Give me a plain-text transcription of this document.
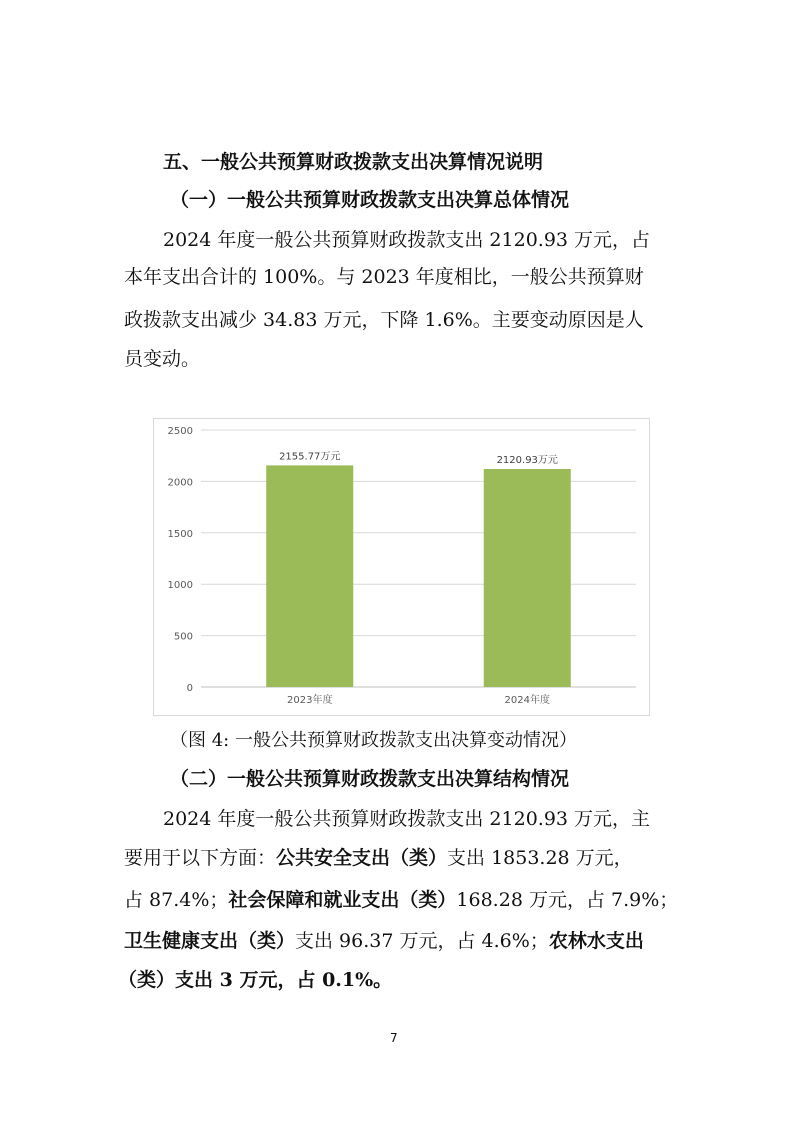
五、一般公共预算财政拨款支出决算情况说明
（一）一般公共预算财政拨款支出决算总体情况
2024 年度一般公共预算财政拨款支出 2120.93 万元，占
本年支出合计的 100%。与 2023 年度相比，一般公共预算财
政拨款支出减少 34.83 万元，下降 1.6%。主要变动原因是人
员变动。
0
500
1000
1500
2000
2500
2155.77万元	2120.93万元
2023年度	2024年度
（图 4: 一般公共预算财政拨款支出决算变动情况）
（二）一般公共预算财政拨款支出决算结构情况
2024 年度一般公共预算财政拨款支出 2120.93 万元，主
要用于以下方面：公共安全支出（类）支出 1853.28 万元，
占 87.4%；社会保障和就业支出（类）168.28 万元，占 7.9%；
卫生健康支出（类）支出 96.37 万元，占 4.6%；农林水支出
（类）支出 3 万元，占 0.1%。
7
